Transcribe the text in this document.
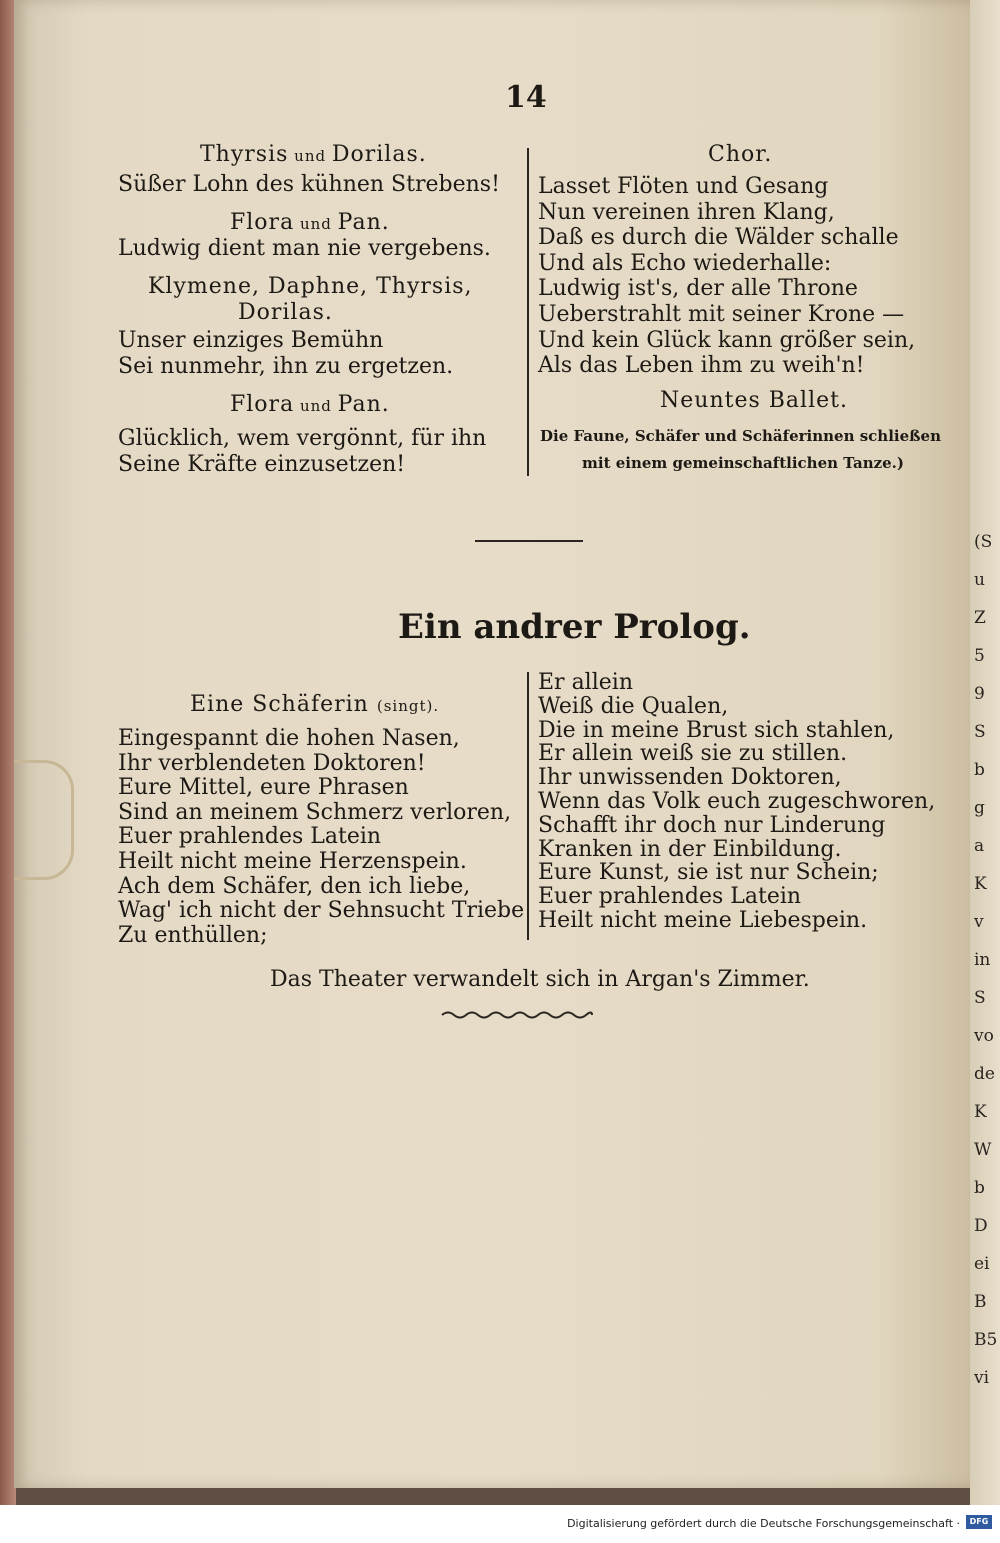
(S
u
Z
5
9
S
b
g
a
K
v
in
S
vo
de
K
W
b
D
ei
B
B5
vi
14
Ein andrer Prolog.
Das Theater verwandelt sich in Argan's Zimmer.
Digitalisierung gefördert durch die Deutsche Forschungsgemeinschaft ·	DFG
Thyrsis und Dorilas.
Süßer Lohn des kühnen Strebens!
Flora und Pan.
Ludwig dient man nie vergebens.
Klymene, Daphne, Thyrsis,
Dorilas.
Unser einziges Bemühn
Sei nunmehr, ihn zu ergetzen.
Flora und Pan.
Glücklich, wem vergönnt, für ihn
Seine Kräfte einzusetzen!
Chor.
Lasset Flöten und Gesang
Nun vereinen ihren Klang,
Daß es durch die Wälder schalle
Und als Echo wiederhalle:
Ludwig ist's, der alle Throne
Ueberstrahlt mit seiner Krone —
Und kein Glück kann größer sein,
Als das Leben ihm zu weih'n!
Neuntes Ballet.
Die Faune, Schäfer und Schäferinnen schließen
mit einem gemeinschaftlichen Tanze.)
Eine Schäferin (singt).
Eingespannt die hohen Nasen,
Ihr verblendeten Doktoren!
Eure Mittel, eure Phrasen
Sind an meinem Schmerz verloren,
Euer prahlendes Latein
Heilt nicht meine Herzenspein.
Ach dem Schäfer, den ich liebe,
Wag' ich nicht der Sehnsucht Triebe
Zu enthüllen;
Er allein
Weiß die Qualen,
Die in meine Brust sich stahlen,
Er allein weiß sie zu stillen.
Ihr unwissenden Doktoren,
Wenn das Volk euch zugeschworen,
Schafft ihr doch nur Linderung
Kranken in der Einbildung.
Eure Kunst, sie ist nur Schein;
Euer prahlendes Latein
Heilt nicht meine Liebespein.
